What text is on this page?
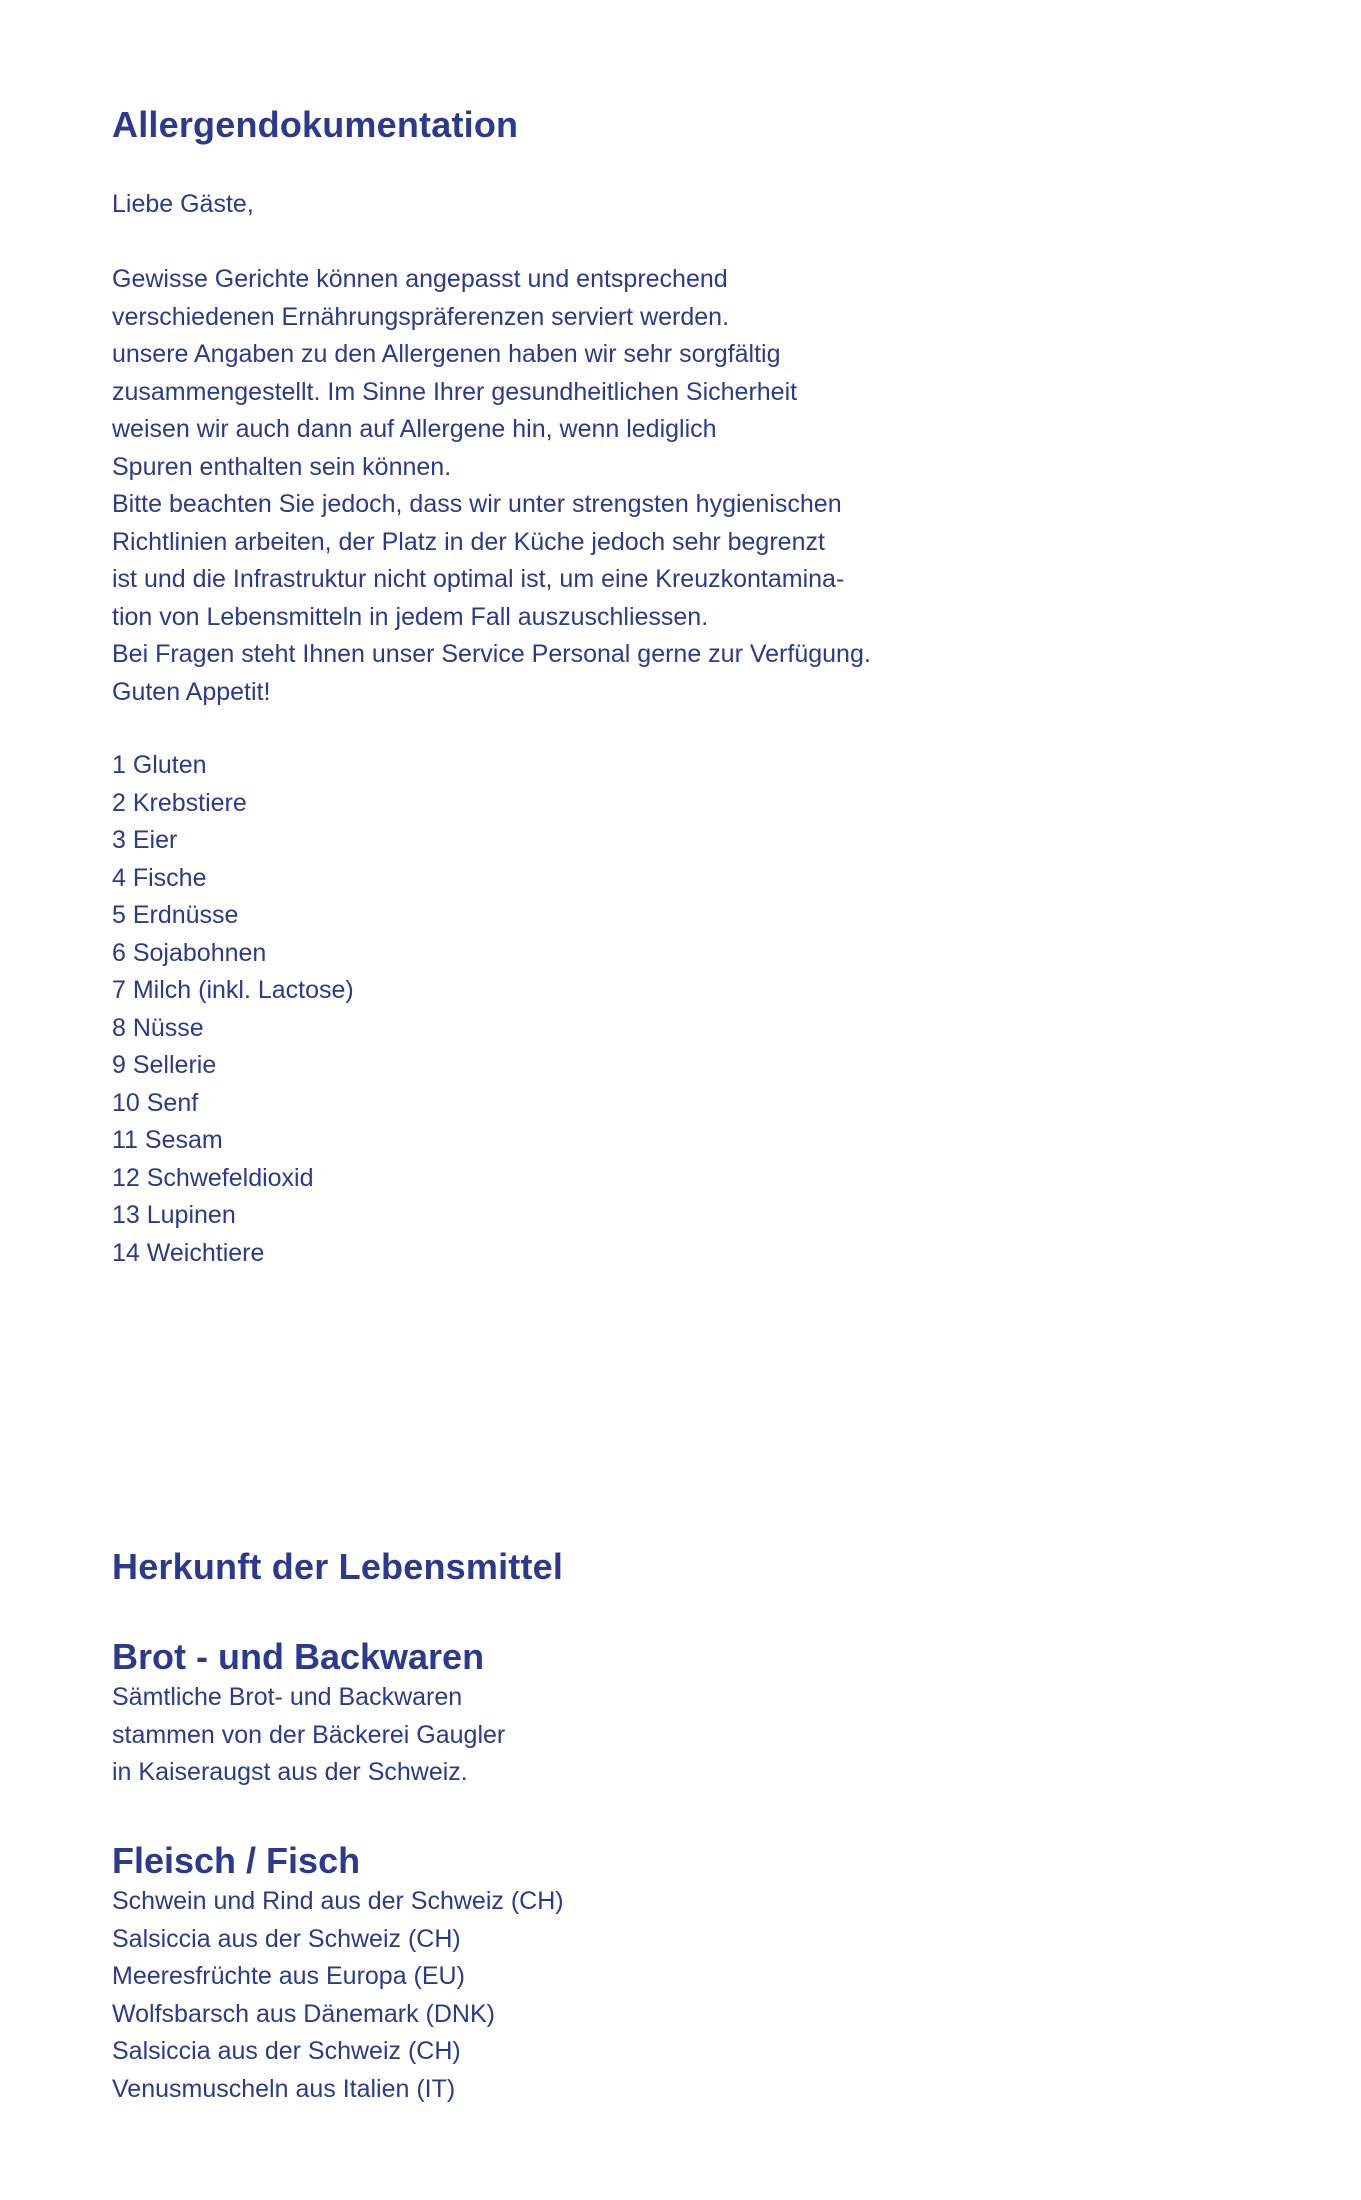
Allergendokumentation
Liebe Gäste,
Gewisse Gerichte können angepasst und entsprechend
verschiedenen Ernährungspräferenzen serviert werden.
unsere Angaben zu den Allergenen haben wir sehr sorgfältig
zusammengestellt. Im Sinne Ihrer gesundheitlichen Sicherheit
weisen wir auch dann auf Allergene hin, wenn lediglich
Spuren enthalten sein können.
Bitte beachten Sie jedoch, dass wir unter strengsten hygienischen
Richtlinien arbeiten, der Platz in der Küche jedoch sehr begrenzt
ist und die Infrastruktur nicht optimal ist, um eine Kreuzkontamina-
tion von Lebensmitteln in jedem Fall auszuschliessen.
Bei Fragen steht Ihnen unser Service Personal gerne zur Verfügung.
Guten Appetit!
1 Gluten
2 Krebstiere
3 Eier
4 Fische
5 Erdnüsse
6 Sojabohnen
7 Milch (inkl. Lactose)
8 Nüsse
9 Sellerie
10 Senf
11 Sesam
12 Schwefeldioxid
13 Lupinen
14 Weichtiere
Herkunft der Lebensmittel
Brot - und Backwaren
Sämtliche Brot- und Backwaren
stammen von der Bäckerei Gaugler
in Kaiseraugst aus der Schweiz.
Fleisch / Fisch
Schwein und Rind aus der Schweiz (CH)
Salsiccia aus der Schweiz (CH)
Meeresfrüchte aus Europa (EU)
Wolfsbarsch aus Dänemark (DNK)
Salsiccia aus der Schweiz (CH)
Venusmuscheln aus Italien (IT)
